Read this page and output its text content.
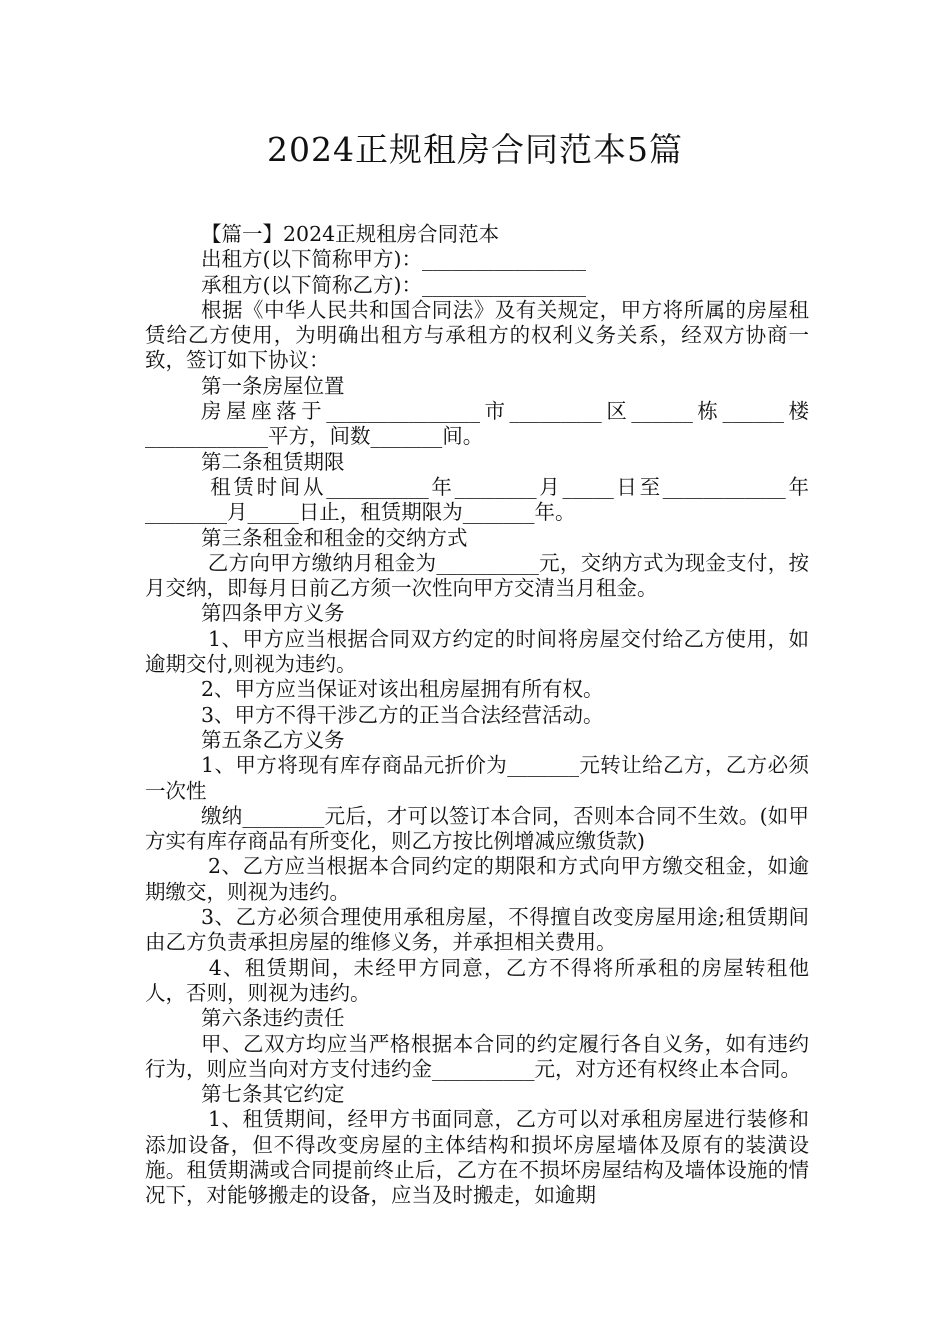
2024正规租房合同范本5篇

【篇一】2024正规租房合同范本

出租方(以下简称甲方)：________________

承租方(以下简称乙方)：________________

根据《中华人民共和国合同法》及有关规定，甲方将所属的房屋租赁给乙方使用，为明确出租方与承租方的权利义务关系，经双方协商一致，签订如下协议：

第一条房屋位置

房屋座落于_______________市_________区______栋______楼____________平方，间数_______间。

第二条租赁期限

租赁时间从__________年________月_____日至____________年________月_____日止，租赁期限为_______年。

第三条租金和租金的交纳方式

乙方向甲方缴纳月租金为__________元，交纳方式为现金支付，按月交纳，即每月日前乙方须一次性向甲方交清当月租金。

第四条甲方义务

1、甲方应当根据合同双方约定的时间将房屋交付给乙方使用，如逾期交付,则视为违约。

2、甲方应当保证对该出租房屋拥有所有权。

3、甲方不得干涉乙方的正当合法经营活动。

第五条乙方义务

1、甲方将现有库存商品元折价为_______元转让给乙方，乙方必须一次性

缴纳________元后，才可以签订本合同，否则本合同不生效。(如甲方实有库存商品有所变化，则乙方按比例增减应缴货款)

2、乙方应当根据本合同约定的期限和方式向甲方缴交租金，如逾期缴交，则视为违约。

3、乙方必须合理使用承租房屋，不得擅自改变房屋用途;租赁期间由乙方负责承担房屋的维修义务，并承担相关费用。

4、租赁期间，未经甲方同意，乙方不得将所承租的房屋转租他人，否则，则视为违约。

第六条违约责任

甲、乙双方均应当严格根据本合同的约定履行各自义务，如有违约行为，则应当向对方支付违约金__________元，对方还有权终止本合同。

第七条其它约定

1、租赁期间，经甲方书面同意，乙方可以对承租房屋进行装修和添加设备，但不得改变房屋的主体结构和损坏房屋墙体及原有的装潢设施。租赁期满或合同提前终止后，乙方在不损坏房屋结构及墙体设施的情况下，对能够搬走的设备，应当及时搬走，如逾期
